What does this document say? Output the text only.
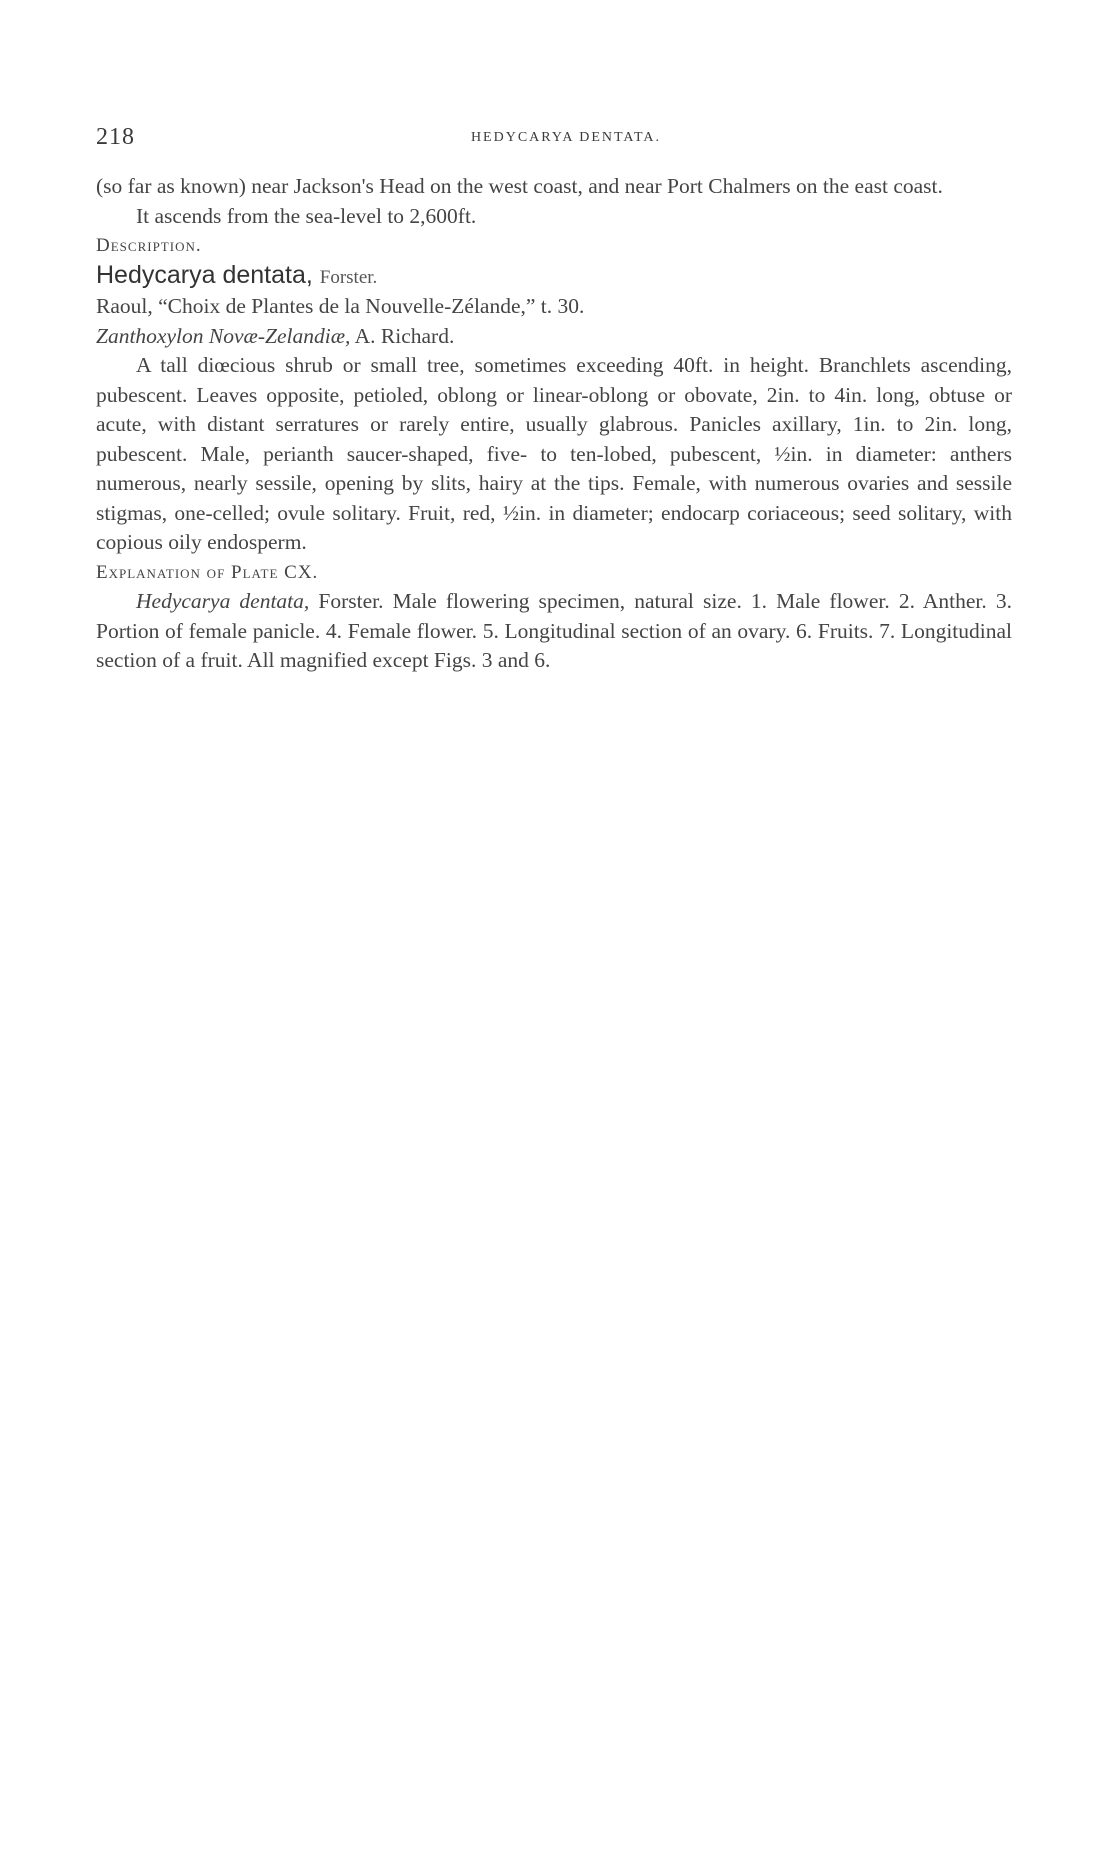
218	HEDYCARYA DENTATA.

(so far as known) near Jackson's Head on the west coast, and near Port Chalmers on the east coast.

It ascends from the sea-level to 2,600ft.

Description.

Hedycarya dentata, Forster.

Raoul, “Choix de Plantes de la Nouvelle-Zélande,” t. 30.

Zanthoxylon Novæ-Zelandiæ, A. Richard.

A tall diœcious shrub or small tree, sometimes exceeding 40ft. in height. Branchlets ascending, pubescent. Leaves opposite, petioled, oblong or linear-oblong or obovate, 2in. to 4in. long, obtuse or acute, with distant serratures or rarely entire, usually glabrous. Panicles axillary, 1in. to 2in. long, pubescent. Male, perianth saucer-shaped, five- to ten-lobed, pubescent, ½in. in diameter: anthers numerous, nearly sessile, opening by slits, hairy at the tips. Female, with numerous ovaries and sessile stigmas, one-celled; ovule solitary. Fruit, red, ½in. in diameter; endocarp coriaceous; seed solitary, with copious oily endosperm.

Explanation of Plate CX.

Hedycarya dentata, Forster. Male flowering specimen, natural size. 1. Male flower. 2. Anther. 3. Portion of female panicle. 4. Female flower. 5. Longitudinal section of an ovary. 6. Fruits. 7. Longitudinal section of a fruit. All magnified except Figs. 3 and 6.
